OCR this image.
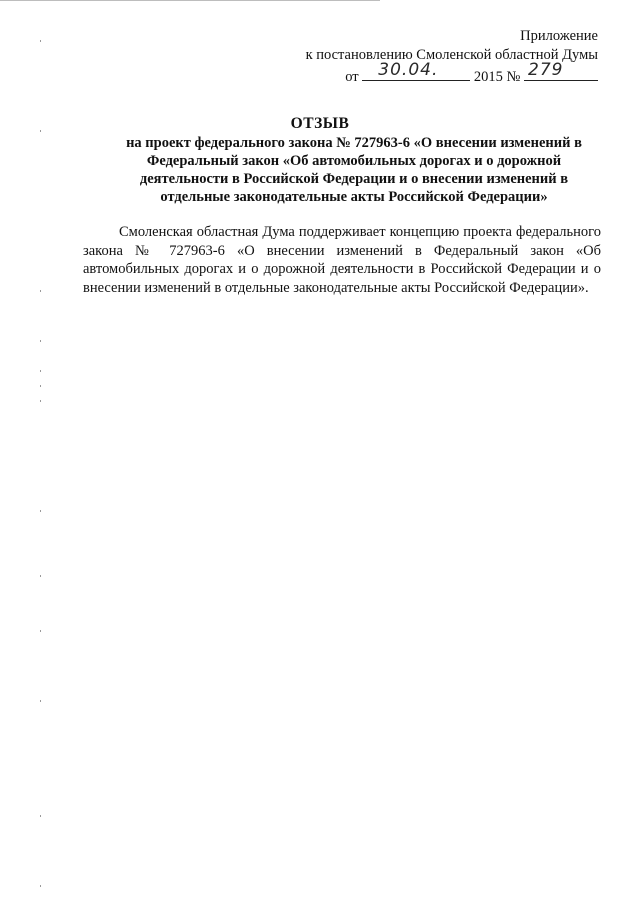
Приложение
к постановлению Смоленской областной Думы
от 30.04. 2015 № 279
ОТЗЫВ
на проект федерального закона № 727963-6 «О внесении изменений в Федеральный закон «Об автомобильных дорогах и о дорожной деятельности в Российской Федерации и о внесении изменений в отдельные законодательные акты Российской Федерации»
Смоленская областная Дума поддерживает концепцию проекта федерального закона № 727963-6 «О внесении изменений в Федеральный закон «Об автомобильных дорогах и о дорожной деятельности в Российской Федерации и о внесении изменений в отдельные законодательные акты Российской Федерации».
